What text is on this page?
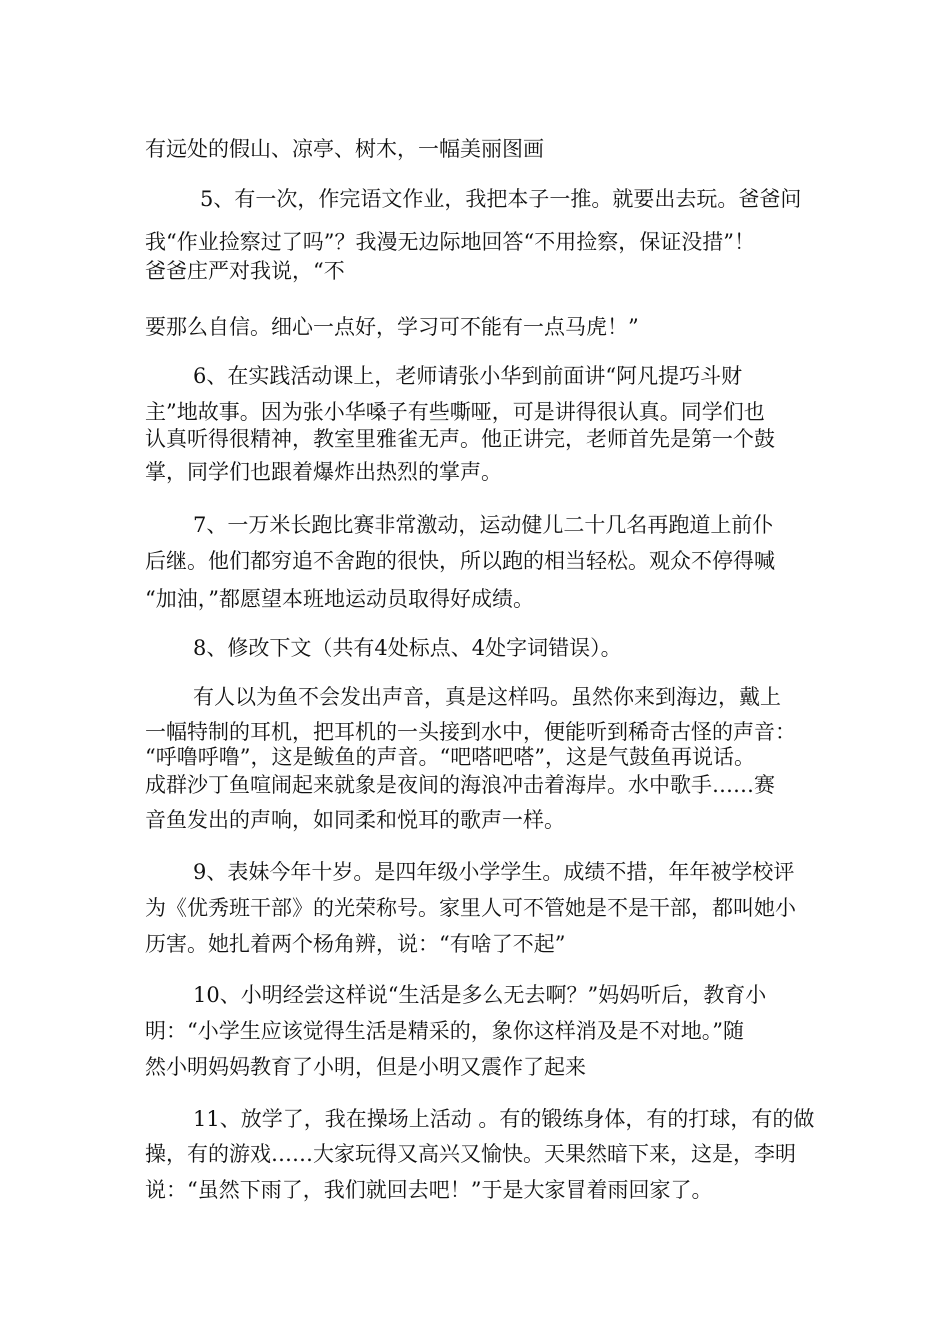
有远处的假山、凉亭、树木，一幅美丽图画
5、有一次，作完语文作业，我把本子一推。就要出去玩。爸爸问
我“作业捡察过了吗”？我漫无边际地回答“不用捡察，保证没措”！
爸爸庄严对我说，“不
要那么自信。细心一点好，学习可不能有一点马虎！”
6、在实践活动课上，老师请张小华到前面讲“阿凡提巧斗财
主”地故事。因为张小华嗓子有些嘶哑，可是讲得很认真。同学们也
认真听得很精神，教室里雅雀无声。他正讲完，老师首先是第一个鼓
掌，同学们也跟着爆炸出热烈的掌声。
7、一万米长跑比赛非常激动，运动健儿二十几名再跑道上前仆
后继。他们都穷追不舍跑的很快，所以跑的相当轻松。观众不停得喊
“加油，”都愿望本班地运动员取得好成绩。
8、修改下文（共有4处标点、4处字词错误）。
有人以为鱼不会发出声音，真是这样吗。虽然你来到海边，戴上
一幅特制的耳机，把耳机的一头接到水中，便能听到稀奇古怪的声音：
“呼噜呼噜”，这是鲅鱼的声音。“吧嗒吧嗒”，这是气鼓鱼再说话。
成群沙丁鱼喧闹起来就象是夜间的海浪冲击着海岸。水中歌手……赛
音鱼发出的声响，如同柔和悦耳的歌声一样。
9、表妹今年十岁。是四年级小学学生。成绩不措，年年被学校评
为《优秀班干部》的光荣称号。家里人可不管她是不是干部，都叫她小
历害。她扎着两个杨角辨，说：“有啥了不起”
10、小明经尝这样说“生活是多么无去啊？”妈妈听后，教育小
明：“小学生应该觉得生活是精采的，象你这样消及是不对地。”随
然小明妈妈教育了小明，但是小明又震作了起来
11、放学了，我在操场上活动 。有的锻练身体，有的打球，有的做
操，有的游戏……大家玩得又高兴又愉快。天果然暗下来，这是，李明
说：“虽然下雨了，我们就回去吧！”于是大家冒着雨回家了。
